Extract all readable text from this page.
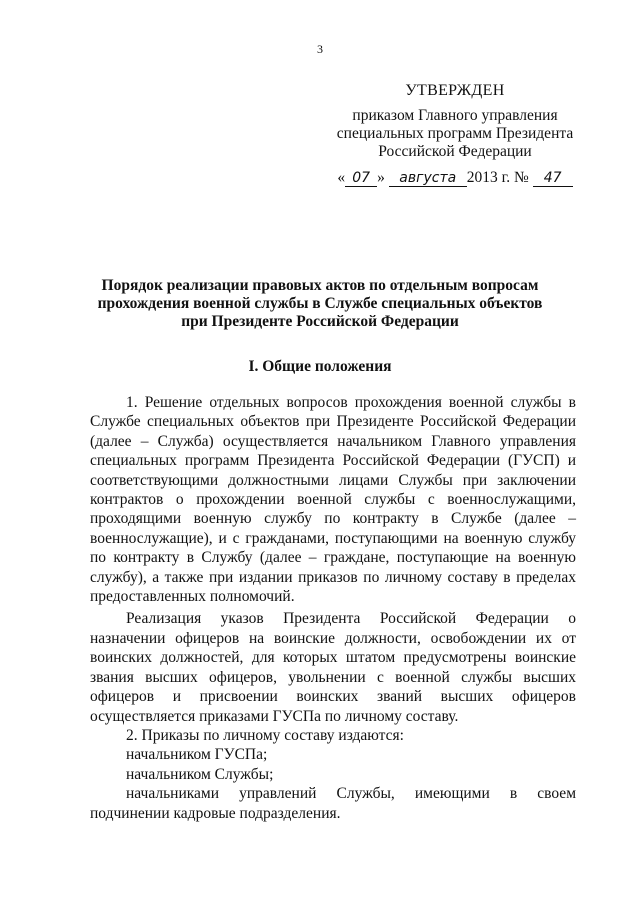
3
УТВЕРЖДЕН
приказом Главного управления
специальных программ Президента
Российской Федерации
« 07 » августа 2013 г. № 47
Порядок реализации правовых актов по отдельным вопросам
прохождения военной службы в Службе специальных объектов
при Президенте Российской Федерации
I. Общие положения

1. Решение отдельных вопросов прохождения военной службы в Службе специальных объектов при Президенте Российской Федерации (далее – Служба) осуществляется начальником Главного управления специальных программ Президента Российской Федерации (ГУСП) и соответствующими должностными лицами Службы при заключении контрактов о прохождении военной службы с военнослужащими, проходящими военную службу по контракту в Службе (далее – военнослужащие), и с гражданами, поступающими на военную службу по контракту в Службу (далее – граждане, поступающие на военную службу), а также при издании приказов по личному составу в пределах предоставленных полномочий.

Реализация указов Президента Российской Федерации о назначении офицеров на воинские должности, освобождении их от воинских должностей, для которых штатом предусмотрены воинские звания высших офицеров, увольнении с военной службы высших офицеров и присвоении воинских званий высших офицеров осуществляется приказами ГУСПа по личному составу.

2. Приказы по личному составу издаются:

начальником ГУСПа;

начальником Службы;

начальниками управлений Службы, имеющими в своем подчинении кадровые подразделения.
